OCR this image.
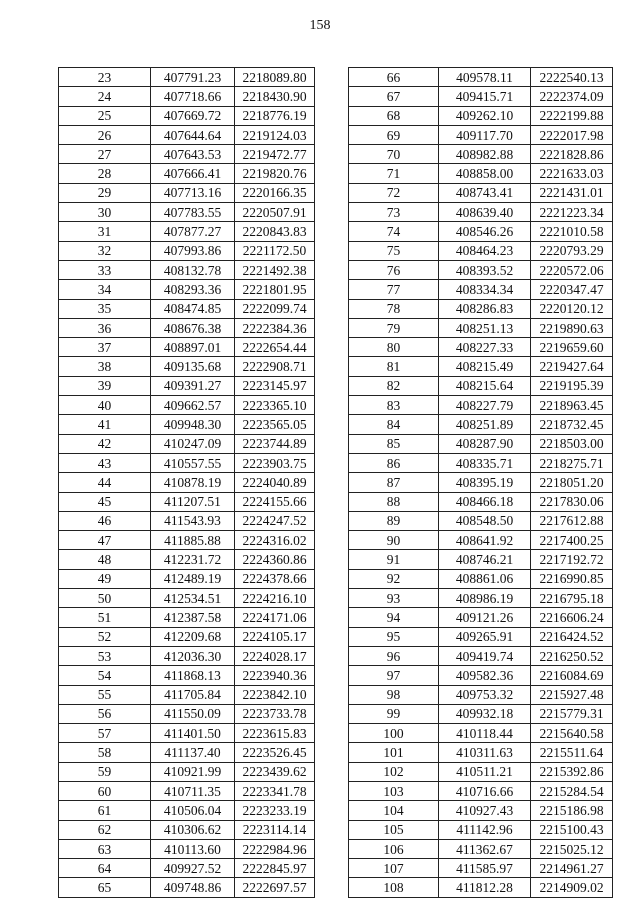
158
23	407791.23	2218089.80
24	407718.66	2218430.90
25	407669.72	2218776.19
26	407644.64	2219124.03
27	407643.53	2219472.77
28	407666.41	2219820.76
29	407713.16	2220166.35
30	407783.55	2220507.91
31	407877.27	2220843.83
32	407993.86	2221172.50
33	408132.78	2221492.38
34	408293.36	2221801.95
35	408474.85	2222099.74
36	408676.38	2222384.36
37	408897.01	2222654.44
38	409135.68	2222908.71
39	409391.27	2223145.97
40	409662.57	2223365.10
41	409948.30	2223565.05
42	410247.09	2223744.89
43	410557.55	2223903.75
44	410878.19	2224040.89
45	411207.51	2224155.66
46	411543.93	2224247.52
47	411885.88	2224316.02
48	412231.72	2224360.86
49	412489.19	2224378.66
50	412534.51	2224216.10
51	412387.58	2224171.06
52	412209.68	2224105.17
53	412036.30	2224028.17
54	411868.13	2223940.36
55	411705.84	2223842.10
56	411550.09	2223733.78
57	411401.50	2223615.83
58	411137.40	2223526.45
59	410921.99	2223439.62
60	410711.35	2223341.78
61	410506.04	2223233.19
62	410306.62	2223114.14
63	410113.60	2222984.96
64	409927.52	2222845.97
65	409748.86	2222697.57
66	409578.11	2222540.13
67	409415.71	2222374.09
68	409262.10	2222199.88
69	409117.70	2222017.98
70	408982.88	2221828.86
71	408858.00	2221633.03
72	408743.41	2221431.01
73	408639.40	2221223.34
74	408546.26	2221010.58
75	408464.23	2220793.29
76	408393.52	2220572.06
77	408334.34	2220347.47
78	408286.83	2220120.12
79	408251.13	2219890.63
80	408227.33	2219659.60
81	408215.49	2219427.64
82	408215.64	2219195.39
83	408227.79	2218963.45
84	408251.89	2218732.45
85	408287.90	2218503.00
86	408335.71	2218275.71
87	408395.19	2218051.20
88	408466.18	2217830.06
89	408548.50	2217612.88
90	408641.92	2217400.25
91	408746.21	2217192.72
92	408861.06	2216990.85
93	408986.19	2216795.18
94	409121.26	2216606.24
95	409265.91	2216424.52
96	409419.74	2216250.52
97	409582.36	2216084.69
98	409753.32	2215927.48
99	409932.18	2215779.31
100	410118.44	2215640.58
101	410311.63	2215511.64
102	410511.21	2215392.86
103	410716.66	2215284.54
104	410927.43	2215186.98
105	411142.96	2215100.43
106	411362.67	2215025.12
107	411585.97	2214961.27
108	411812.28	2214909.02
